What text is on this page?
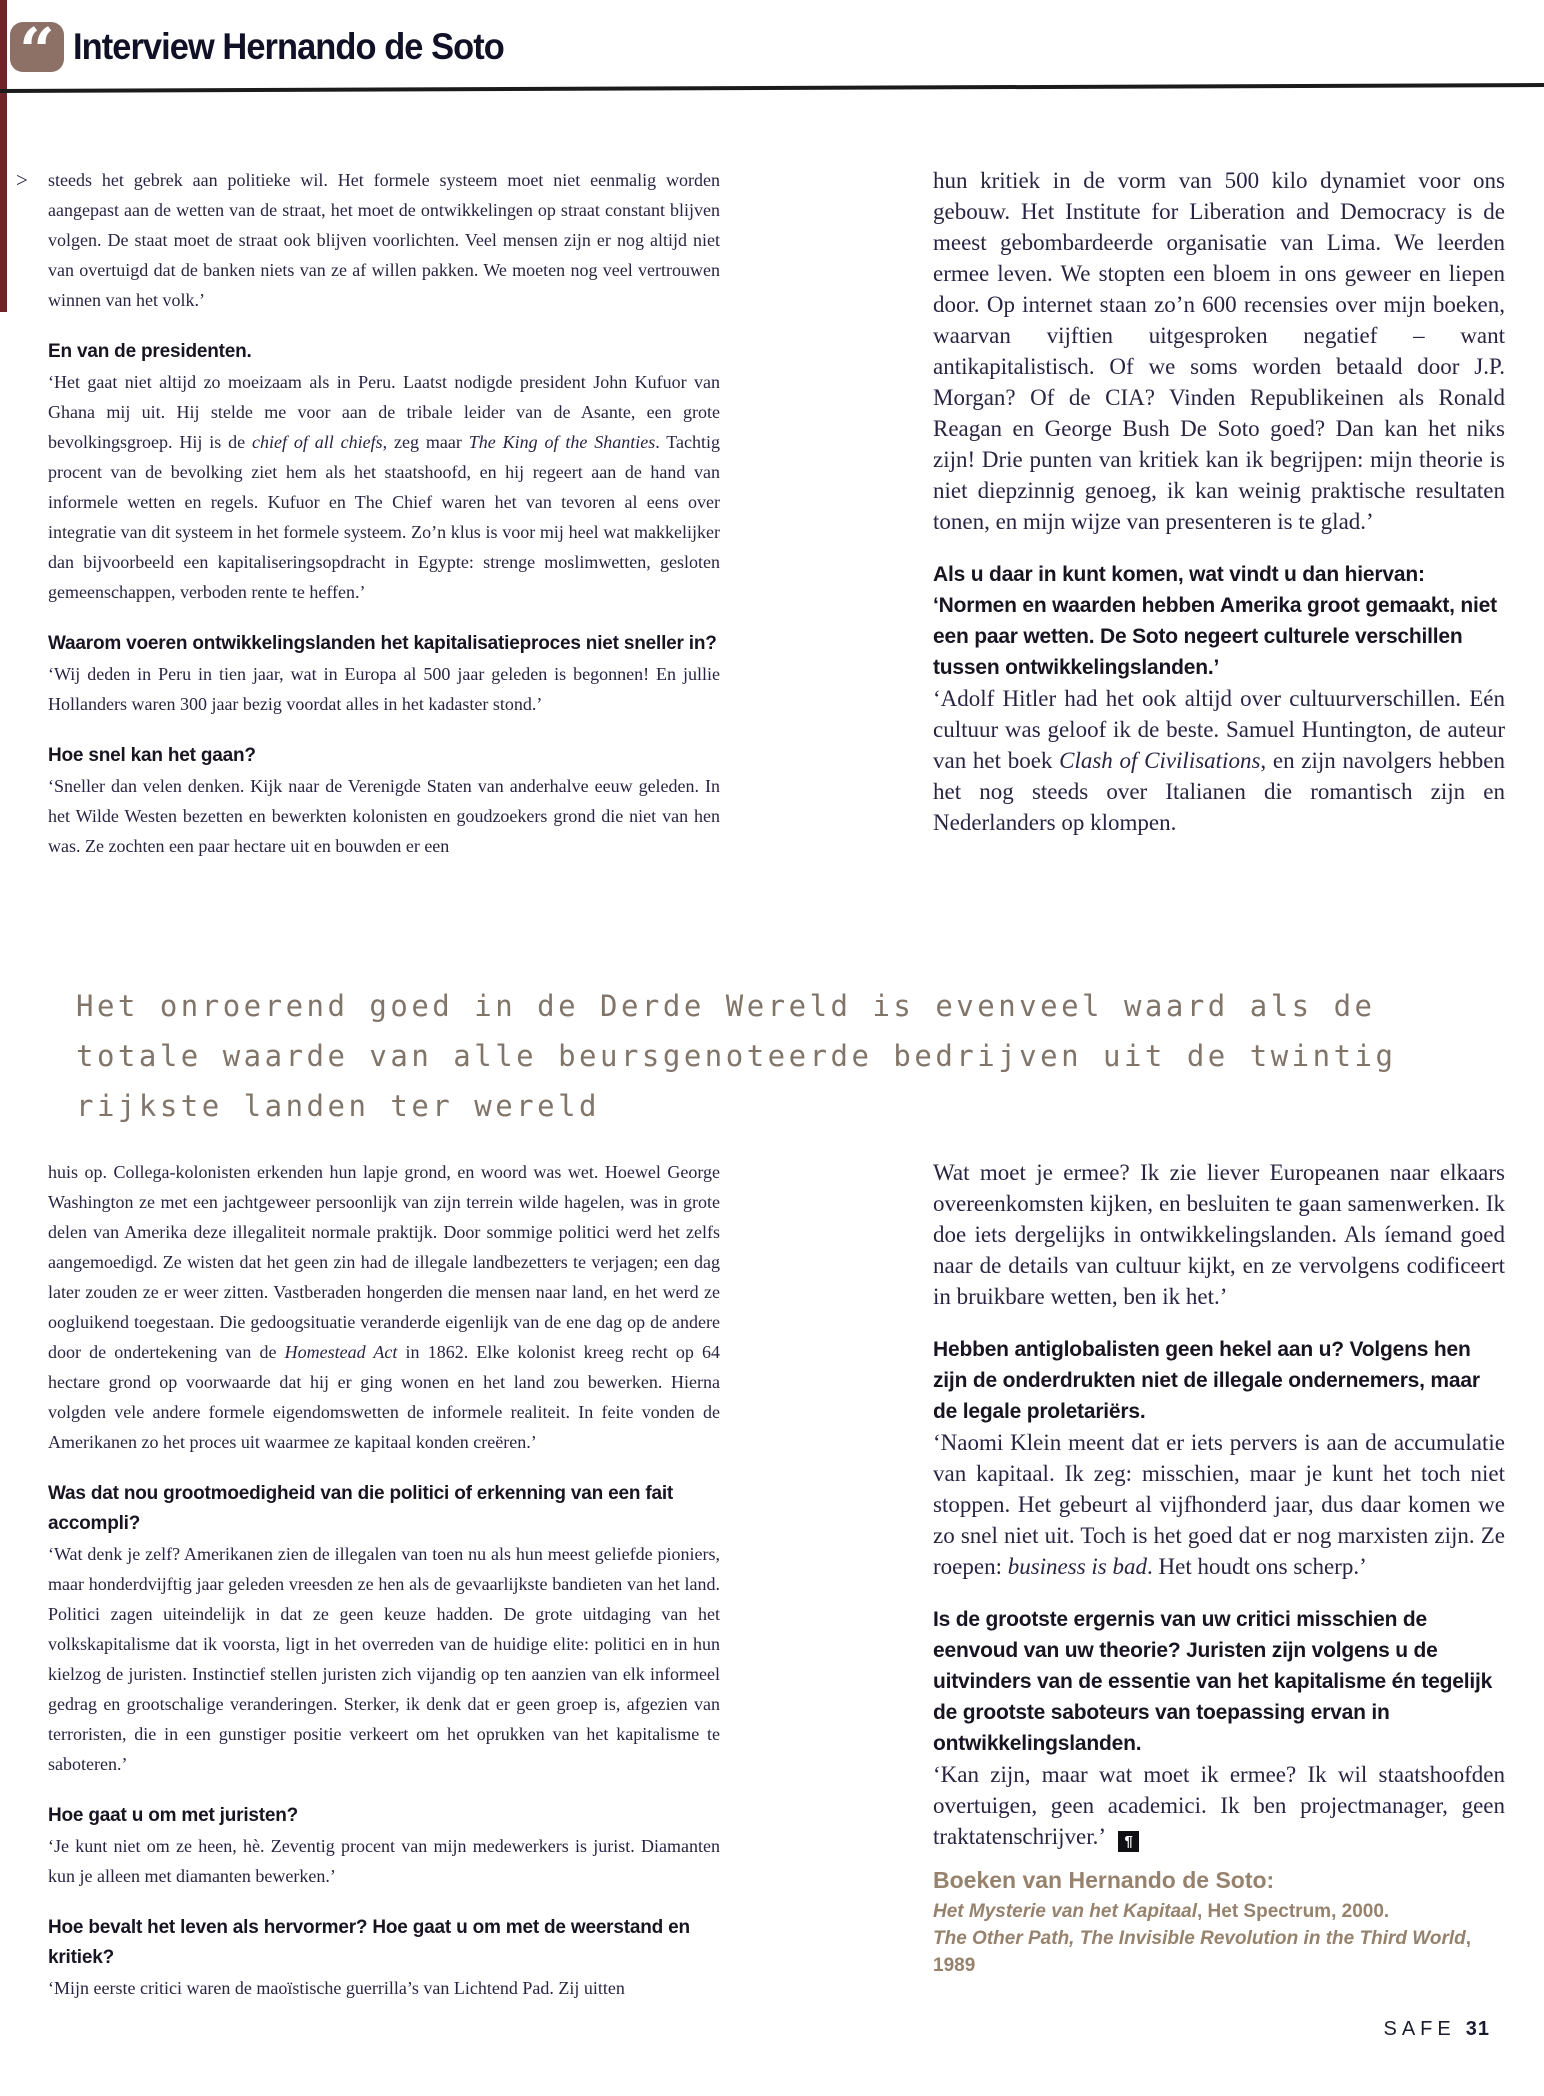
“ Interview Hernando de Soto
> steeds het gebrek aan politieke wil. Het formele systeem moet niet eenmalig worden aangepast aan de wetten van de straat, het moet de ontwikkelingen op straat constant blijven volgen. De staat moet de straat ook blijven voorlichten. Veel mensen zijn er nog altijd niet van overtuigd dat de banken niets van ze af willen pakken. We moeten nog veel vertrouwen winnen van het volk.’

En van de presidenten.

‘Het gaat niet altijd zo moeizaam als in Peru. Laatst nodigde president John Kufuor van Ghana mij uit. Hij stelde me voor aan de tribale leider van de Asante, een grote bevolkingsgroep. Hij is de chief of all chiefs, zeg maar The King of the Shanties. Tachtig procent van de bevolking ziet hem als het staatshoofd, en hij regeert aan de hand van informele wetten en regels. Kufuor en The Chief waren het van tevoren al eens over integratie van dit systeem in het formele systeem. Zo’n klus is voor mij heel wat makkelijker dan bijvoorbeeld een kapitaliseringsopdracht in Egypte: strenge moslimwetten, gesloten gemeenschappen, verboden rente te heffen.’

Waarom voeren ontwikkelingslanden het kapitalisatieproces niet sneller in?

‘Wij deden in Peru in tien jaar, wat in Europa al 500 jaar geleden is begonnen! En jullie Hollanders waren 300 jaar bezig voordat alles in het kadaster stond.’

Hoe snel kan het gaan?

‘Sneller dan velen denken. Kijk naar de Verenigde Staten van anderhalve eeuw geleden. In het Wilde Westen bezetten en bewerkten kolonisten en goudzoekers grond die niet van hen was. Ze zochten een paar hectare uit en bouwden er een

hun kritiek in de vorm van 500 kilo dynamiet voor ons gebouw. Het Institute for Liberation and Democracy is de meest gebombardeerde organisatie van Lima. We leerden ermee leven. We stopten een bloem in ons geweer en liepen door. Op internet staan zo’n 600 recensies over mijn boeken, waarvan vijftien uitgesproken negatief – want antikapitalistisch. Of we soms worden betaald door J.P. Morgan? Of de CIA? Vinden Republikeinen als Ronald Reagan en George Bush De Soto goed? Dan kan het niks zijn! Drie punten van kritiek kan ik begrijpen: mijn theorie is niet diepzinnig genoeg, ik kan weinig praktische resultaten tonen, en mijn wijze van presenteren is te glad.’

Als u daar in kunt komen, wat vindt u dan hiervan: ‘Normen en waarden hebben Amerika groot gemaakt, niet een paar wetten. De Soto negeert culturele verschillen tussen ontwikkelingslanden.’

‘Adolf Hitler had het ook altijd over cultuurverschillen. Eén cultuur was geloof ik de beste. Samuel Huntington, de auteur van het boek Clash of Civilisations, en zijn navolgers hebben het nog steeds over Italianen die romantisch zijn en Nederlanders op klompen.

Het onroerend goed in de Derde Wereld is evenveel waard als de totale waarde van alle beursgenoteerde bedrijven uit de twintig rijkste landen ter wereld

huis op. Collega-kolonisten erkenden hun lapje grond, en woord was wet. Hoewel George Washington ze met een jachtgeweer persoonlijk van zijn terrein wilde hagelen, was in grote delen van Amerika deze illegaliteit normale praktijk. Door sommige politici werd het zelfs aangemoedigd. Ze wisten dat het geen zin had de illegale landbezetters te verjagen; een dag later zouden ze er weer zitten. Vastberaden hongerden die mensen naar land, en het werd ze oogluikend toegestaan. Die gedoogsituatie veranderde eigenlijk van de ene dag op de andere door de ondertekening van de Homestead Act in 1862. Elke kolonist kreeg recht op 64 hectare grond op voorwaarde dat hij er ging wonen en het land zou bewerken. Hierna volgden vele andere formele eigendomswetten de informele realiteit. In feite vonden de Amerikanen zo het proces uit waarmee ze kapitaal konden creëren.’

Was dat nou grootmoedigheid van die politici of erkenning van een fait accompli?

‘Wat denk je zelf? Amerikanen zien de illegalen van toen nu als hun meest geliefde pioniers, maar honderdvijftig jaar geleden vreesden ze hen als de gevaarlijkste bandieten van het land. Politici zagen uiteindelijk in dat ze geen keuze hadden. De grote uitdaging van het volkskapitalisme dat ik voorsta, ligt in het overreden van de huidige elite: politici en in hun kielzog de juristen. Instinctief stellen juristen zich vijandig op ten aanzien van elk informeel gedrag en grootschalige veranderingen. Sterker, ik denk dat er geen groep is, afgezien van terroristen, die in een gunstiger positie verkeert om het oprukken van het kapitalisme te saboteren.’

Hoe gaat u om met juristen?

‘Je kunt niet om ze heen, hè. Zeventig procent van mijn medewerkers is jurist. Diamanten kun je alleen met diamanten bewerken.’

Hoe bevalt het leven als hervormer? Hoe gaat u om met de weerstand en kritiek?

‘Mijn eerste critici waren de maoïstische guerrilla’s van Lichtend Pad. Zij uitten

Wat moet je ermee? Ik zie liever Europeanen naar elkaars overeenkomsten kijken, en besluiten te gaan samenwerken. Ik doe iets dergelijks in ontwikkelingslanden. Als íemand goed naar de details van cultuur kijkt, en ze vervolgens codificeert in bruikbare wetten, ben ik het.’

Hebben antiglobalisten geen hekel aan u? Volgens hen zijn de onderdrukten niet de illegale ondernemers, maar de legale proletariërs.

‘Naomi Klein meent dat er iets pervers is aan de accumulatie van kapitaal. Ik zeg: misschien, maar je kunt het toch niet stoppen. Het gebeurt al vijfhonderd jaar, dus daar komen we zo snel niet uit. Toch is het goed dat er nog marxisten zijn. Ze roepen: business is bad. Het houdt ons scherp.’

Is de grootste ergernis van uw critici misschien de eenvoud van uw theorie? Juristen zijn volgens u de uitvinders van de essentie van het kapitalisme én tegelijk de grootste saboteurs van toepassing ervan in ontwikkelingslanden.

‘Kan zijn, maar wat moet ik ermee? Ik wil staatshoofden overtuigen, geen academici. Ik ben projectmanager, geen traktatenschrijver.’ ¶

Boeken van Hernando de Soto:

Het Mysterie van het Kapitaal, Het Spectrum, 2000.

The Other Path, The Invisible Revolution in the Third World, 1989

SAFE 31
